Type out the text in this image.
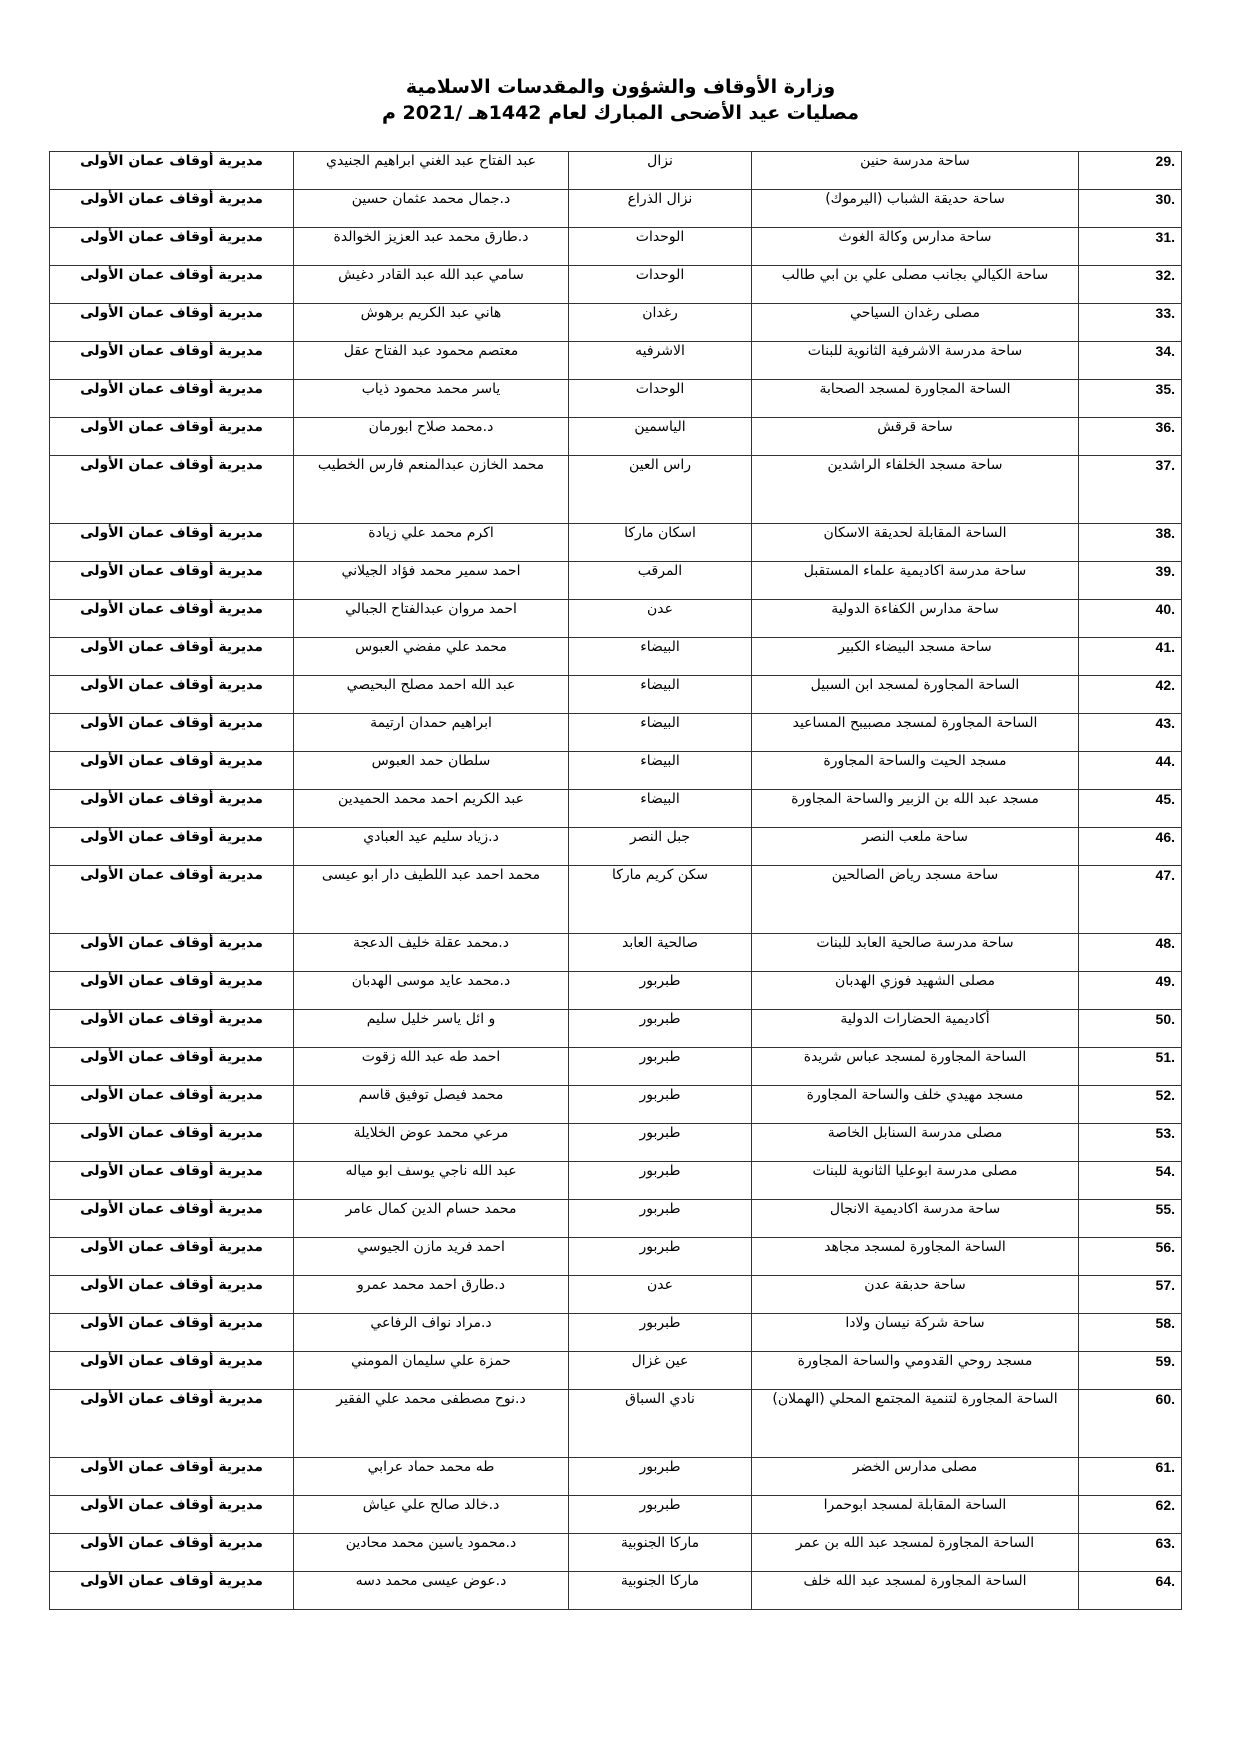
وزارة الأوقاف والشؤون والمقدسات الاسلامية

مصليات عيد الأضحى المبارك لعام 1442هـ /2021 م

29.	ساحة مدرسة حنين	نزال	عبد الفتاح عبد الغني ابراهيم الجنيدي	مديرية أوقاف عمان الأولى
30.	ساحة حديقة الشباب (اليرموك)	نزال الذراع	د.جمال محمد عثمان حسين	مديرية أوقاف عمان الأولى
31.	ساحة مدارس وكالة الغوث	الوحدات	د.طارق محمد عبد العزيز الخوالدة	مديرية أوقاف عمان الأولى
32.	ساحة الكيالي بجانب مصلى علي بن ابي طالب	الوحدات	سامي عبد الله عبد القادر دغيش	مديرية أوقاف عمان الأولى
33.	مصلى رغدان السياحي	رغدان	هاني عبد الكريم برهوش	مديرية أوقاف عمان الأولى
34.	ساحة مدرسة الاشرفية الثانوية للبنات	الاشرفيه	معتصم محمود عبد الفتاح عقل	مديرية أوقاف عمان الأولى
35.	الساحة المجاورة لمسجد الصحابة	الوحدات	ياسر محمد محمود ذياب	مديرية أوقاف عمان الأولى
36.	ساحة قرقش	الياسمين	د.محمد صلاح ابورمان	مديرية أوقاف عمان الأولى
37.	ساحة مسجد الخلفاء الراشدين	راس العين	محمد الخازن عبدالمنعم فارس الخطيب	مديرية أوقاف عمان الأولى
38.	الساحة المقابلة لحديقة الاسكان	اسكان ماركا	اكرم محمد علي زيادة	مديرية أوقاف عمان الأولى
39.	ساحة مدرسة اكاديمية علماء المستقبل	المرقب	احمد سمير محمد فؤاد الجيلاني	مديرية أوقاف عمان الأولى
40.	ساحة مدارس الكفاءة الدولية	عدن	احمد مروان عبدالفتاح الجبالي	مديرية أوقاف عمان الأولى
41.	ساحة مسجد البيضاء الكبير	البيضاء	محمد علي مفضي العبوس	مديرية أوقاف عمان الأولى
42.	الساحة المجاورة لمسجد ابن السبيل	البيضاء	عبد الله احمد مصلح البحيصي	مديرية أوقاف عمان الأولى
43.	الساحة المجاورة لمسجد مصبيبح المساعيد	البيضاء	ابراهيم حمدان ارتيمة	مديرية أوقاف عمان الأولى
44.	مسجد الحيت والساحة المجاورة	البيضاء	سلطان حمد العبوس	مديرية أوقاف عمان الأولى
45.	مسجد عبد الله بن الزبير والساحة المجاورة	البيضاء	عبد الكريم احمد محمد الحميدين	مديرية أوقاف عمان الأولى
46.	ساحة ملعب النصر	جبل النصر	د.زياد سليم عيد العبادي	مديرية أوقاف عمان الأولى
47.	ساحة مسجد رياض الصالحين	سكن كريم ماركا	محمد احمد عبد اللطيف دار ابو عيسى	مديرية أوقاف عمان الأولى
48.	ساحة مدرسة صالحية العابد للبنات	صالحية العابد	د.محمد عقلة خليف الدعجة	مديرية أوقاف عمان الأولى
49.	مصلى الشهيد فوزي الهدبان	طبربور	د.محمد عايد موسى الهدبان	مديرية أوقاف عمان الأولى
50.	أكاديمية الحضارات الدولية	طبربور	و ائل ياسر خليل سليم	مديرية أوقاف عمان الأولى
51.	الساحة المجاورة لمسجد عباس شريدة	طبربور	احمد طه عبد الله زقوت	مديرية أوقاف عمان الأولى
52.	مسجد مهيدي خلف والساحة المجاورة	طبربور	محمد فيصل توفيق قاسم	مديرية أوقاف عمان الأولى
53.	مصلى مدرسة السنابل الخاصة	طبربور	مرعي محمد عوض الخلايلة	مديرية أوقاف عمان الأولى
54.	مصلى مدرسة ابوعليا الثانوية للبنات	طبربور	عبد الله ناجي يوسف ابو مياله	مديرية أوقاف عمان الأولى
55.	ساحة مدرسة اكاديمية الانجال	طبربور	محمد حسام الدين كمال عامر	مديرية أوقاف عمان الأولى
56.	الساحة المجاورة لمسجد مجاهد	طبربور	احمد فريد مازن الجيوسي	مديرية أوقاف عمان الأولى
57.	ساحة حدبقة عدن	عدن	د.طارق احمد محمد عمرو	مديرية أوقاف عمان الأولى
58.	ساحة شركة نيسان ولادا	طبربور	د.مراد نواف الرفاعي	مديرية أوقاف عمان الأولى
59.	مسجد روحي القدومي والساحة المجاورة	عين غزال	حمزة علي سليمان المومني	مديرية أوقاف عمان الأولى
60.	الساحة المجاورة لتنمية المجتمع المحلي (الهملان)	نادي السباق	د.نوح مصطفى محمد علي الفقير	مديرية أوقاف عمان الأولى
61.	مصلى مدارس الخضر	طبربور	طه محمد حماد عرابي	مديرية أوقاف عمان الأولى
62.	الساحة المقابلة لمسجد ابوحمرا	طبربور	د.خالد صالح علي عياش	مديرية أوقاف عمان الأولى
63.	الساحة المجاورة لمسجد عبد الله بن عمر	ماركا الجنوبية	د.محمود ياسين محمد محادين	مديرية أوقاف عمان الأولى
64.	الساحة المجاورة لمسجد عبد الله خلف	ماركا الجنوبية	د.عوض عيسى محمد دسه	مديرية أوقاف عمان الأولى
